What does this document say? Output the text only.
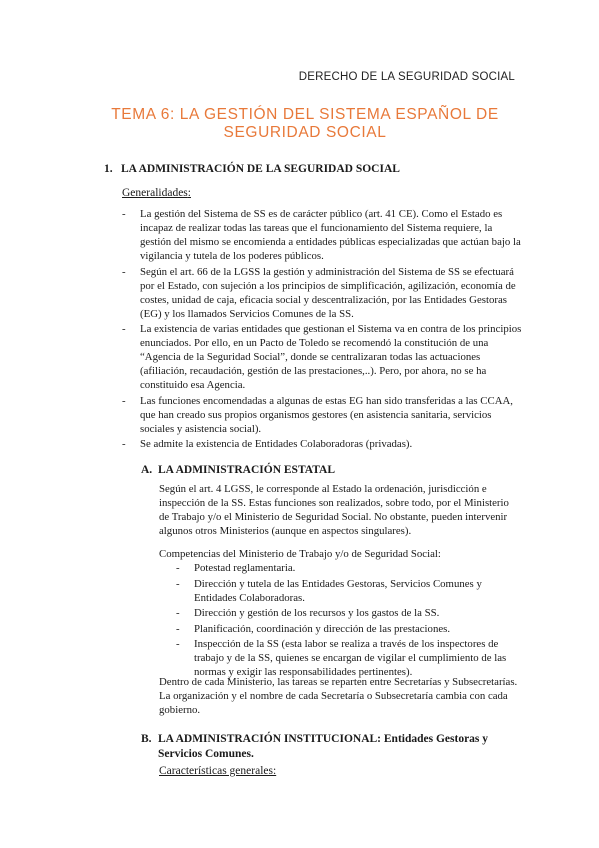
DERECHO DE LA SEGURIDAD SOCIAL
TEMA 6: LA GESTIÓN DEL SISTEMA ESPAÑOL DE
SEGURIDAD SOCIAL
1. LA ADMINISTRACIÓN DE LA SEGURIDAD SOCIAL
Generalidades:
- La gestión del Sistema de SS es de carácter público (art. 41 CE). Como el Estado es incapaz de realizar todas las tareas que el funcionamiento del Sistema requiere, la gestión del mismo se encomienda a entidades públicas especializadas que actúan bajo la vigilancia y tutela de los poderes públicos.
- Según el art. 66 de la LGSS la gestión y administración del Sistema de SS se efectuará por el Estado, con sujeción a los principios de simplificación, agilización, economía de costes, unidad de caja, eficacia social y descentralización, por las Entidades Gestoras (EG) y los llamados Servicios Comunes de la SS.
- La existencia de varias entidades que gestionan el Sistema va en contra de los principios enunciados. Por ello, en un Pacto de Toledo se recomendó la constitución de una “Agencia de la Seguridad Social”, donde se centralizaran todas las actuaciones (afiliación, recaudación, gestión de las prestaciones,..). Pero, por ahora, no se ha constituido esa Agencia.
- Las funciones encomendadas a algunas de estas EG han sido transferidas a las CCAA, que han creado sus propios organismos gestores (en asistencia sanitaria, servicios sociales y asistencia social).
- Se admite la existencia de Entidades Colaboradoras (privadas).
A. LA ADMINISTRACIÓN ESTATAL

Según el art. 4 LGSS, le corresponde al Estado la ordenación, jurisdicción e inspección de la SS. Estas funciones son realizados, sobre todo, por el Ministerio de Trabajo y/o el Ministerio de Seguridad Social. No obstante, pueden intervenir algunos otros Ministerios (aunque en aspectos singulares).

Competencias del Ministerio de Trabajo y/o de Seguridad Social:

- Potestad reglamentaria.
- Dirección y tutela de las Entidades Gestoras, Servicios Comunes y Entidades Colaboradoras.
- Dirección y gestión de los recursos y los gastos de la SS.
- Planificación, coordinación y dirección de las prestaciones.
- Inspección de la SS (esta labor se realiza a través de los inspectores de trabajo y de la SS, quienes se encargan de vigilar el cumplimiento de las normas y exigir las responsabilidades pertinentes).

Dentro de cada Ministerio, las tareas se reparten entre Secretarías y Subsecretarías. La organización y el nombre de cada Secretaría o Subsecretaría cambia con cada gobierno.

B. LA ADMINISTRACIÓN INSTITUCIONAL: Entidades Gestoras y
Servicios Comunes.
Características generales:
